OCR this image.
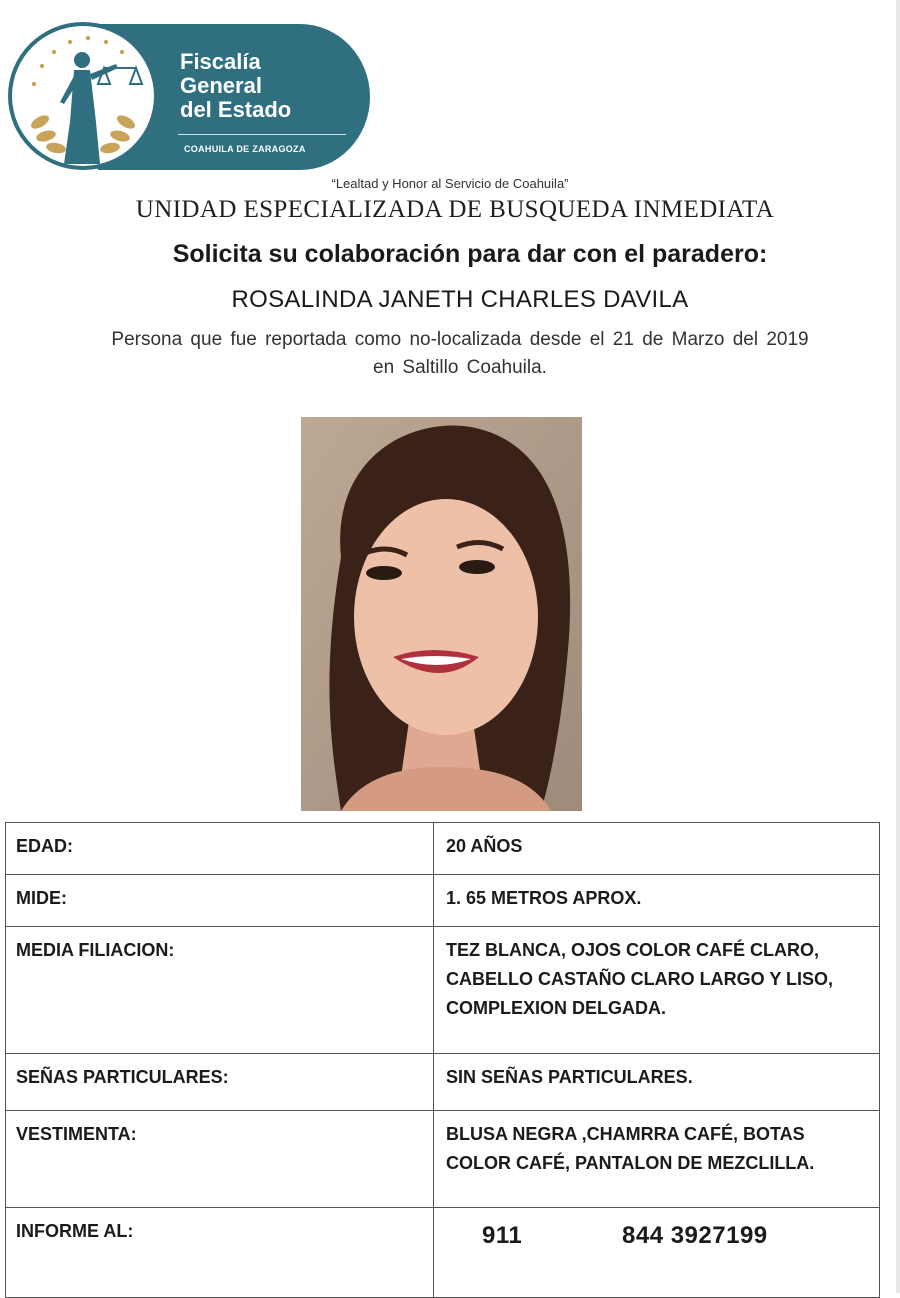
Fiscalía
General
del Estado
COAHUILA DE ZARAGOZA
“Lealtad y Honor al Servicio de Coahuila”
UNIDAD ESPECIALIZADA DE BUSQUEDA INMEDIATA
Solicita su colaboración para dar con el paradero:
ROSALINDA JANETH CHARLES DAVILA
Persona que fue reportada como no-localizada desde el 21 de Marzo del 2019 en Saltillo Coahuila.
EDAD:	20 AÑOS
MIDE:	1. 65 METROS APROX.
MEDIA FILIACION:	TEZ BLANCA, OJOS COLOR CAFÉ CLARO, CABELLO CASTAÑO CLARO LARGO Y LISO, COMPLEXION DELGADA.
SEÑAS PARTICULARES:	SIN SEÑAS PARTICULARES.
VESTIMENTA:	BLUSA NEGRA ,CHAMRRA CAFÉ, BOTAS COLOR CAFÉ, PANTALON DE MEZCLILLA.
INFORME AL:	911 844 3927199
